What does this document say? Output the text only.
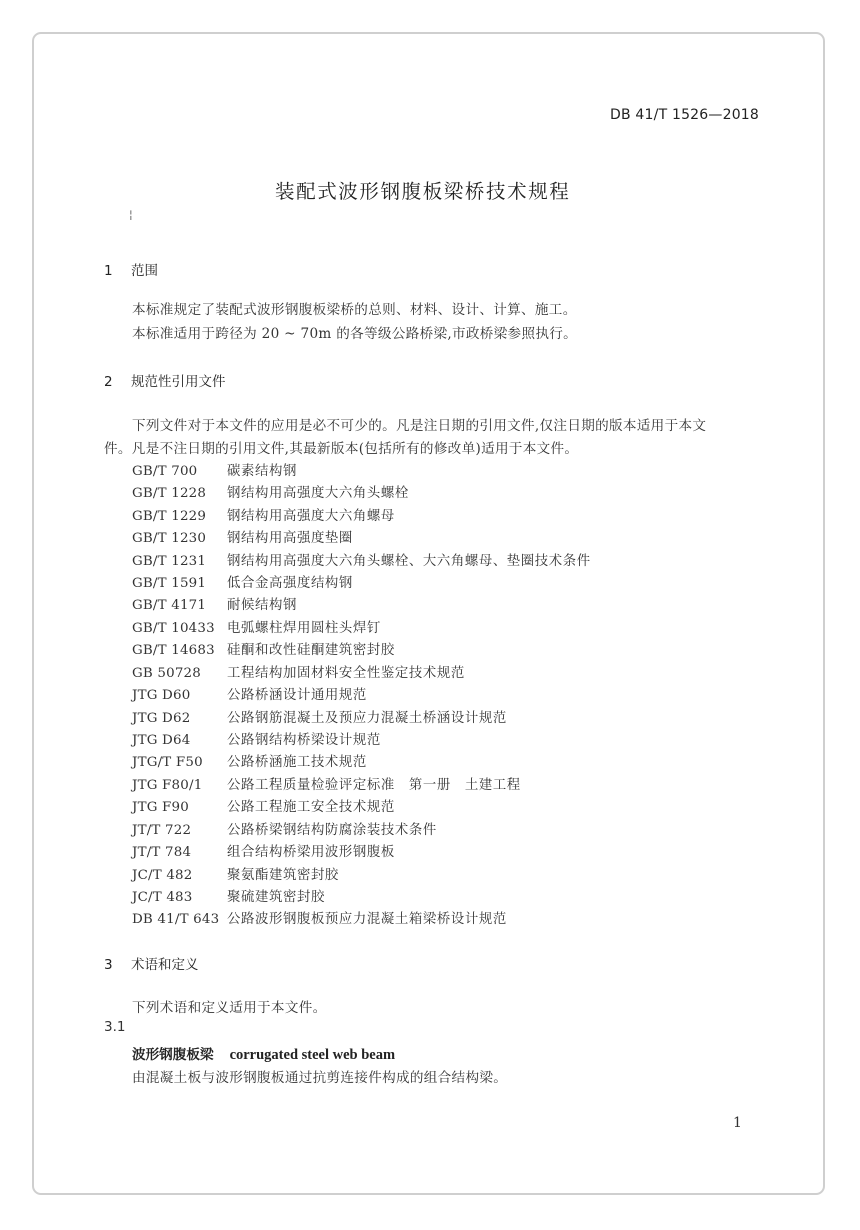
DB 41/T 1526—2018
装配式波形钢腹板梁桥技术规程
¦
1 范围
本标准规定了装配式波形钢腹板梁桥的总则、材料、设计、计算、施工。
本标准适用于跨径为 20 ~ 70m 的各等级公路桥梁,市政桥梁参照执行。
2 规范性引用文件
下列文件对于本文件的应用是必不可少的。凡是注日期的引用文件,仅注日期的版本适用于本文
件。凡是不注日期的引用文件,其最新版本(包括所有的修改单)适用于本文件。
GB/T 700 碳素结构钢
GB/T 1228 钢结构用高强度大六角头螺栓
GB/T 1229 钢结构用高强度大六角螺母
GB/T 1230 钢结构用高强度垫圈
GB/T 1231 钢结构用高强度大六角头螺栓、大六角螺母、垫圈技术条件
GB/T 1591 低合金高强度结构钢
GB/T 4171 耐候结构钢
GB/T 10433 电弧螺柱焊用圆柱头焊钉
GB/T 14683 硅酮和改性硅酮建筑密封胶
GB 50728 工程结构加固材料安全性鉴定技术规范
JTG D60	公路桥涵设计通用规范
JTG D62	公路钢筋混凝土及预应力混凝土桥涵设计规范
JTG D64	公路钢结构桥梁设计规范
JTG/T F50 公路桥涵施工技术规范
JTG F80/1 公路工程质量检验评定标准　第一册　土建工程
JTG F90	公路工程施工安全技术规范
JT/T 722	公路桥梁钢结构防腐涂装技术条件
JT/T 784	组合结构桥梁用波形钢腹板
JC/T 482	聚氨酯建筑密封胶
JC/T 483	聚硫建筑密封胶
DB 41/T 643 公路波形钢腹板预应力混凝土箱梁桥设计规范
3 术语和定义
下列术语和定义适用于本文件。
3.1
波形钢腹板梁 corrugated steel web beam
由混凝土板与波形钢腹板通过抗剪连接件构成的组合结构梁。
1
